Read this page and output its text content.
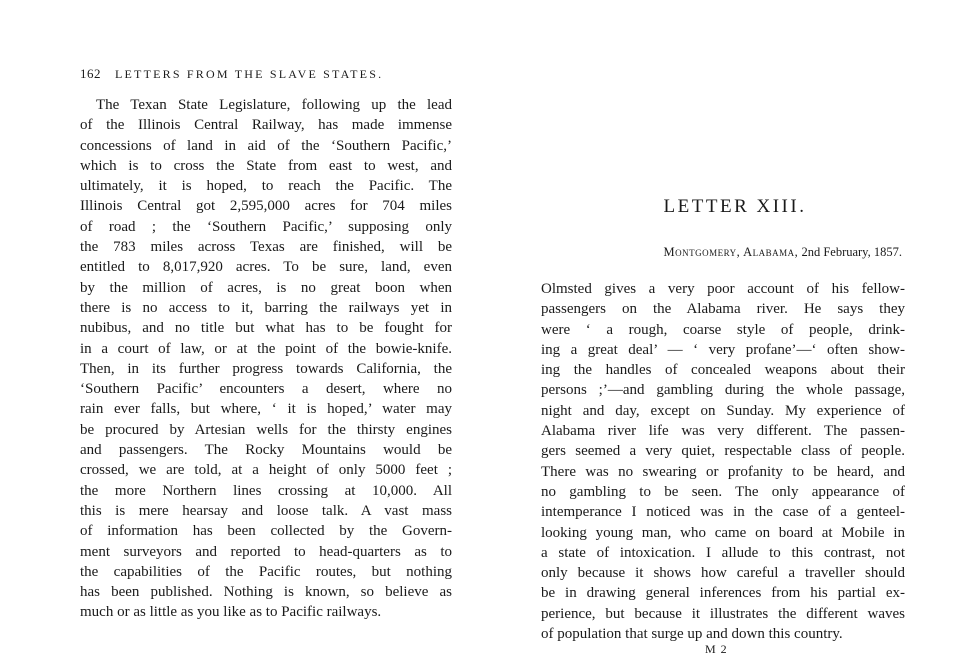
162 LETTERS FROM THE SLAVE STATES.
The Texan State Legislature, following up the lead
of the Illinois Central Railway, has made immense
concessions of land in aid of the ‘Southern Pacific,’
which is to cross the State from east to west, and
ultimately, it is hoped, to reach the Pacific. The
Illinois Central got 2,595,000 acres for 704 miles
of road ; the ‘Southern Pacific,’ supposing only
the 783 miles across Texas are finished, will be
entitled to 8,017,920 acres. To be sure, land, even
by the million of acres, is no great boon when
there is no access to it, barring the railways yet in
nubibus, and no title but what has to be fought for
in a court of law, or at the point of the bowie-knife.
Then, in its further progress towards California, the
‘Southern Pacific’ encounters a desert, where no
rain ever falls, but where, ‘ it is hoped,’ water may
be procured by Artesian wells for the thirsty engines
and passengers. The Rocky Mountains would be
crossed, we are told, at a height of only 5000 feet ;
the more Northern lines crossing at 10,000. All
this is mere hearsay and loose talk. A vast mass
of information has been collected by the Govern-
ment surveyors and reported to head-quarters as to
the capabilities of the Pacific routes, but nothing
has been published. Nothing is known, so believe as
much or as little as you like as to Pacific railways.
LETTER XIII.
Montgomery, Alabama, 2nd February, 1857.
Olmsted gives a very poor account of his fellow-
passengers on the Alabama river. He says they
were ‘ a rough, coarse style of people, drink-
ing a great deal’ — ‘ very profane’—‘ often show-
ing the handles of concealed weapons about their
persons ;’—and gambling during the whole passage,
night and day, except on Sunday. My experience of
Alabama river life was very different. The passen-
gers seemed a very quiet, respectable class of people.
There was no swearing or profanity to be heard, and
no gambling to be seen. The only appearance of
intemperance I noticed was in the case of a genteel-
looking young man, who came on board at Mobile in
a state of intoxication. I allude to this contrast, not
only because it shows how careful a traveller should
be in drawing general inferences from his partial ex-
perience, but because it illustrates the different waves
of population that surge up and down this country.
M 2
